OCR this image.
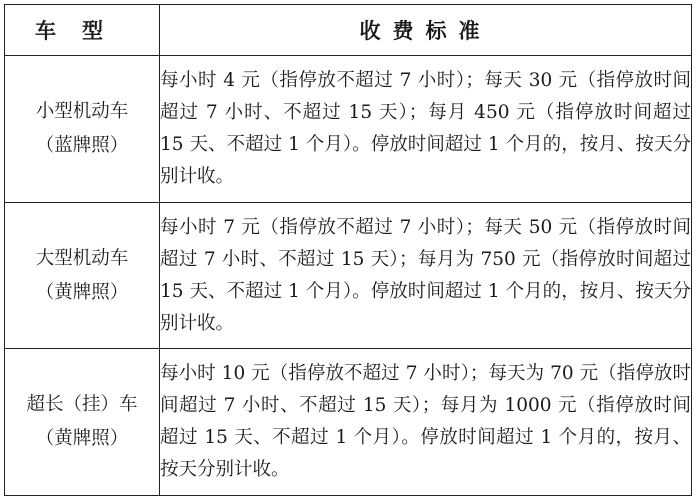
车型	收费标准

小型机动车
（蓝牌照）	每小时 4 元（指停放不超过 7 小时）；每天 30 元（指停放时间超过 7 小时、不超过 15 天）；每月 450 元（指停放时间超过 15 天、不超过 1 个月）。停放时间超过 1 个月的，按月、按天分别计收。

大型机动车
（黄牌照）	每小时 7 元（指停放不超过 7 小时）；每天 50 元（指停放时间超过 7 小时、不超过 15 天）；每月为 750 元（指停放时间超过 15 天、不超过 1 个月）。停放时间超过 1 个月的，按月、按天分别计收。

超长（挂）车
（黄牌照）	每小时 10 元（指停放不超过 7 小时）；每天为 70 元（指停放时间超过 7 小时、不超过 15 天）；每月为 1000 元（指停放时间超过 15 天、不超过 1 个月）。停放时间超过 1 个月的，按月、按天分别计收。
